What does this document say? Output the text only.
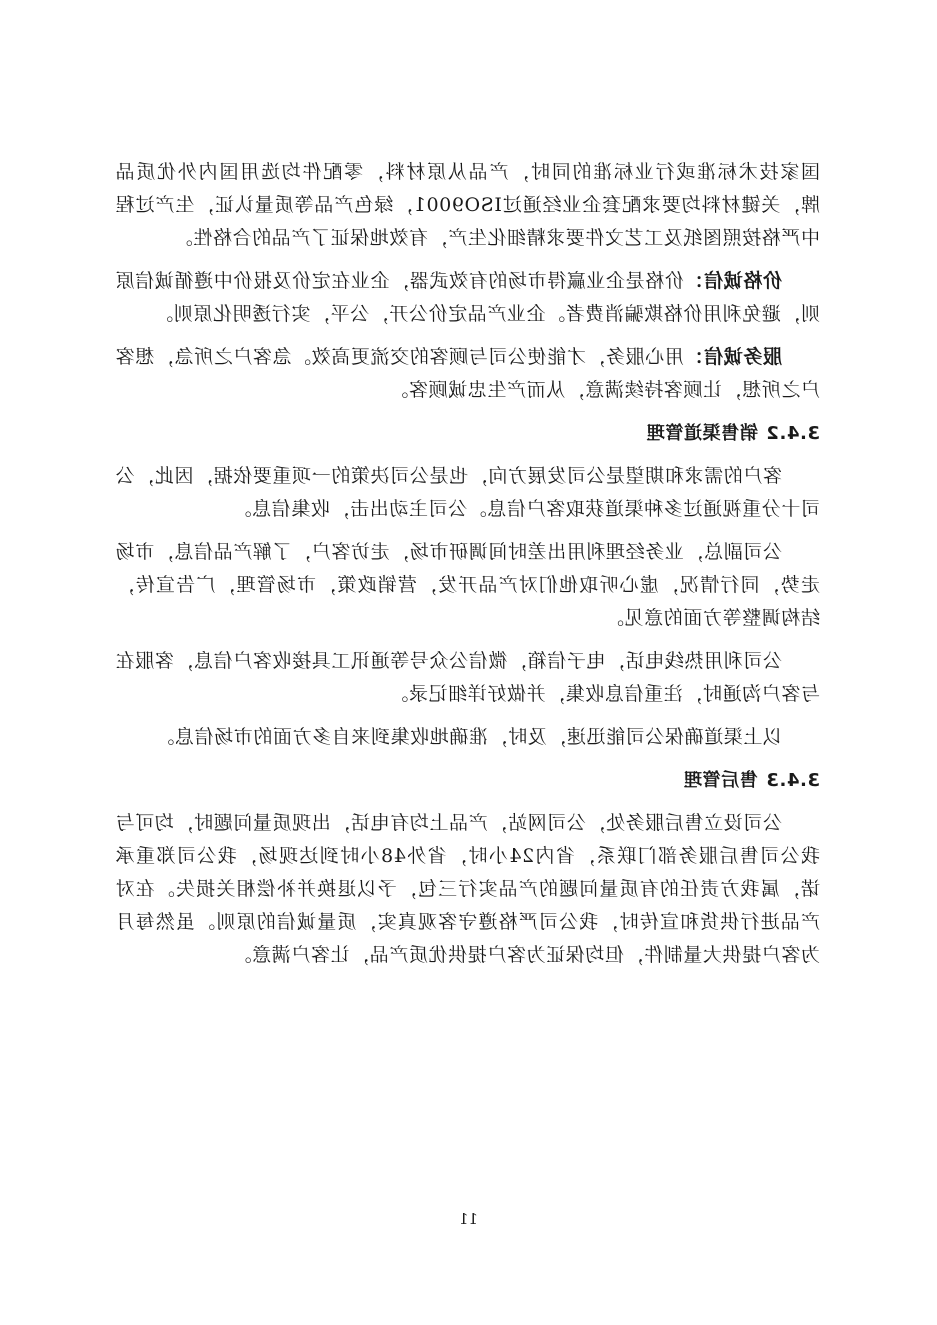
国家技术标准或行业标准的同时，产品从原材料，零配件均选用国内外优质品牌，关键材料均要求配套企业经通过ISO9001，绿色产品等质量认证，生产过程中严格按照图纸及工艺文件要求精细化生产，有效地保证了产品的合格性。

价格诚信：价格是企业赢得市场的有效武器，企业在定价及报价中遵循诚信原则，避免利用价格欺骗消费者。企业产品定价公开，公平，实行透明化原则。

服务诚信：用心服务，才能使公司与顾客的交流更高效。急客户之所急，想客户之所想，让顾客持续满意，从而产生忠诚顾客。

3.4.2销售渠道管理

客户的需求和期望是公司发展方向，也是公司决策的一项重要依据，因此，公司十分重视通过多种渠道获取客户信息。公司主动出击，收集信息。

公司副总，业务经理利用出差时间调研市场，走访客户，了解产品信息，市场走势，同行情况，虚心听取他们对产品开发，营销政策，市场管理，广告宣传，结构调整等方面的意见。

公司利用热线电话，电子信箱，微信公众号等通讯工具接收客户信息，客服在与客户沟通时，注重信息收集，并做好详细记录。

以上渠道确保公司能迅速，及时，准确地收集到来自多方面的市场信息。

3.4.3售后管理

公司设立售后服务处，公司网站，产品上均有电话，出现质量问题时，均可与我公司售后服务部门联系，省内24小时，省外48小时到达现场，我公司郑重承诺，属我方责任的有质量问题的产品实行三包，予以退换并补偿相关损失。在对产品进行供货和宣传时，我公司严格遵守客观真实，质量诚信的原则。虽然每月为客户提供大量制件，但均保证为客户提供优质产品，让客户满意。

11
